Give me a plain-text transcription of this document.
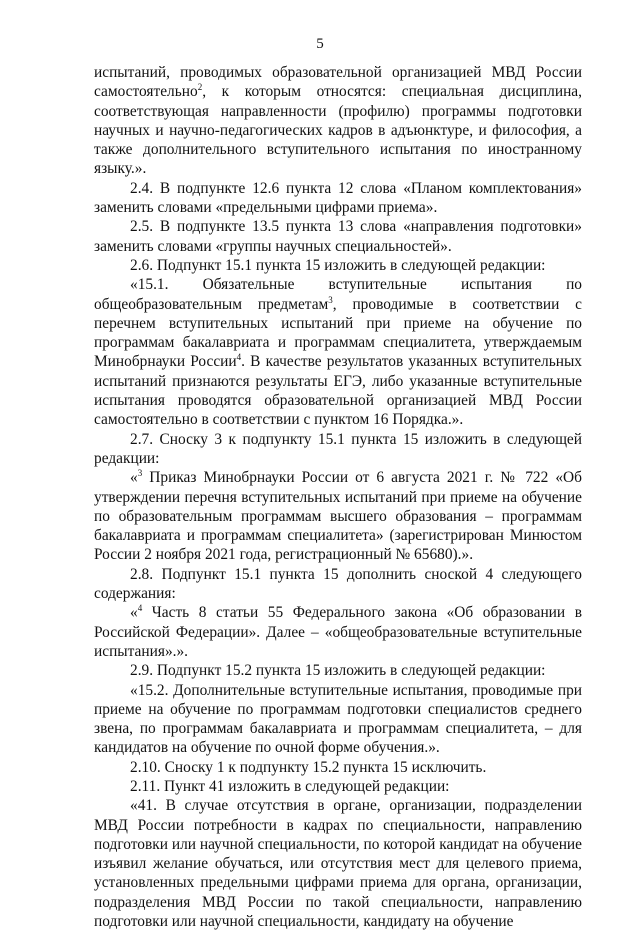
5

испытаний, проводимых образовательной организацией МВД России самостоятельно$^2$, к которым относятся: специальная дисциплина, соответствующая направленности (профилю) программы подготовки научных и научно-педагогических кадров в адъюнктуре, и философия, а также дополнительного вступительного испытания по иностранному языку.».

2.4. В подпункте 12.6 пункта 12 слова «Планом комплектования» заменить словами «предельными цифрами приема».

2.5. В подпункте 13.5 пункта 13 слова «направления подготовки» заменить словами «группы научных специальностей».

2.6. Подпункт 15.1 пункта 15 изложить в следующей редакции:

«15.1. Обязательные вступительные испытания по общеобразовательным предметам$^3$, проводимые в соответствии с перечнем вступительных испытаний при приеме на обучение по программам бакалавриата и программам специалитета, утверждаемым Минобрнауки России$^4$. В качестве результатов указанных вступительных испытаний признаются результаты ЕГЭ, либо указанные вступительные испытания проводятся образовательной организацией МВД России самостоятельно в соответствии с пунктом 16 Порядка.».

2.7. Сноску 3 к подпункту 15.1 пункта 15 изложить в следующей редакции:

«$^3$ Приказ Минобрнауки России от 6 августа 2021 г. № 722 «Об утверждении перечня вступительных испытаний при приеме на обучение по образовательным программам высшего образования – программам бакалавриата и программам специалитета» (зарегистрирован Минюстом России 2 ноября 2021 года, регистрационный № 65680).».

2.8. Подпункт 15.1 пункта 15 дополнить сноской 4 следующего содержания:

«$^4$ Часть 8 статьи 55 Федерального закона «Об образовании в Российской Федерации». Далее – «общеобразовательные вступительные испытания».».

2.9. Подпункт 15.2 пункта 15 изложить в следующей редакции:

«15.2. Дополнительные вступительные испытания, проводимые при приеме на обучение по программам подготовки специалистов среднего звена, по программам бакалавриата и программам специалитета, – для кандидатов на обучение по очной форме обучения.».

2.10. Сноску 1 к подпункту 15.2 пункта 15 исключить.

2.11. Пункт 41 изложить в следующей редакции:

«41. В случае отсутствия в органе, организации, подразделении МВД России потребности в кадрах по специальности, направлению подготовки или научной специальности, по которой кандидат на обучение изъявил желание обучаться, или отсутствия мест для целевого приема, установленных предельными цифрами приема для органа, организации, подразделения МВД России по такой специальности, направлению подготовки или научной специальности, кандидату на обучение
